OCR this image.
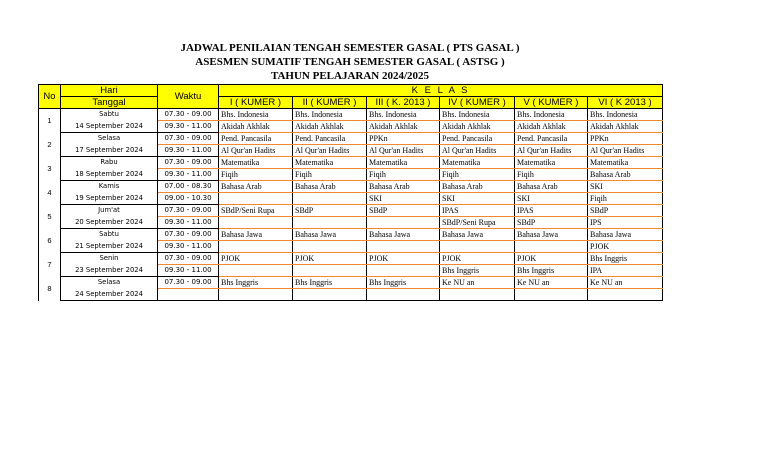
JADWAL PENILAIAN TENGAH SEMESTER GASAL ( PTS GASAL )
ASESMEN SUMATIF TENGAH SEMESTER GASAL ( ASTSG )
TAHUN PELAJARAN 2024/2025
No	Hari	Waktu	K E L A S					
	Tanggal		I ( KUMER )	II ( KUMER )	III ( K. 2013 )	IV ( KUMER )	V ( KUMER )	VI ( K 2013 )
1	Sabtu	07.30 - 09.00	Bhs. Indonesia	Bhs. Indonesia	Bhs. Indonesia	Bhs. Indonesia	Bhs. Indonesia	Bhs. Indonesia
	14 September 2024	09.30 - 11.00	Akidah Akhlak	Akidah Akhlak	Akidah Akhlak	Akidah Akhlak	Akidah Akhlak	Akidah Akhlak
2	Selasa	07.30 - 09.00	Pend. Pancasila	Pend. Pancasila	PPKn	Pend. Pancasila	Pend. Pancasila	PPKn
	17 September 2024	09.30 - 11.00	Al Qur'an Hadits	Al Qur'an Hadits	Al Qur'an Hadits	Al Qur'an Hadits	Al Qur'an Hadits	Al Qur'an Hadits
3	Rabu	07.30 - 09.00	Matematika	Matematika	Matematika	Matematika	Matematika	Matematika
	18 September 2024	09.30 - 11.00	Fiqih	Fiqih	Fiqih	Fiqih	Fiqih	Bahasa Arab
4	Kamis	07.00 - 08.30	Bahasa Arab	Bahasa Arab	Bahasa Arab	Bahasa Arab	Bahasa Arab	SKI
	19 September 2024	09.00 - 10.30			SKI	SKI	SKI	Fiqih
5	Jum'at	07.30 - 09.00	SBdP/Seni Rupa	SBdP	SBdP	IPAS	IPAS	SBdP
	20 September 2024	09.30 - 11.00				SBdP/Seni Rupa	SBdP	IPS
6	Sabtu	07.30 - 09.00	Bahasa Jawa	Bahasa Jawa	Bahasa Jawa	Bahasa Jawa	Bahasa Jawa	Bahasa Jawa
	21 September 2024	09.30 - 11.00						PJOK
7	Senin	07.30 - 09.00	PJOK	PJOK	PJOK	PJOK	PJOK	Bhs Inggris
	23 September 2024	09.30 - 11.00				Bhs Inggris	Bhs Inggris	IPA
8	Selasa	07.30 - 09.00	Bhs Inggris	Bhs Inggris	Bhs Inggris	Ke NU an	Ke NU an	Ke NU an
	24 September 2024							
